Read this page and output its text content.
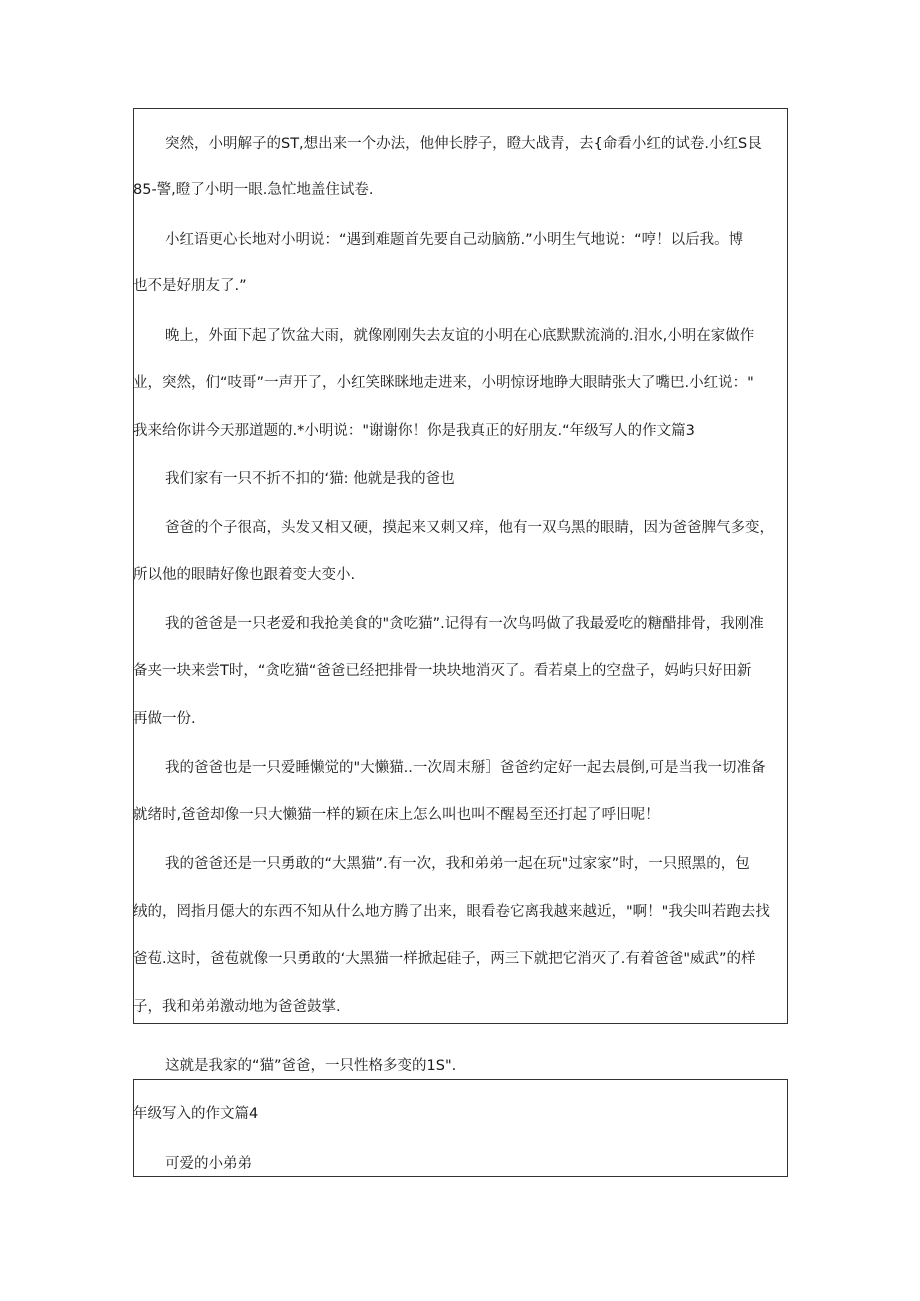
突然，小明解子的ST,想出来一个办法，他伸长脖子，瞪大战青，去{命看小红的试卷.小红S艮
85-警,瞪了小明一眼.急忙地盖住试卷.
小红语更心长地对小明说：“遇到难题首先要自己动脑筋.”小明生气地说：“哼！以后我。博
也不是好朋友了.”
晚上，外面下起了饮盆大雨，就像刚刚失去友谊的小明在心底默默流淌的.泪水,小明在家做作
业，突然，们“吱哥”一声开了，小红笑眯眯地走进来，小明惊讶地睁大眼睛张大了嘴巴.小红说："
我来给你讲今天那道题的.*小明说："谢谢你！你是我真正的好朋友.“年级写人的作文篇3
我们家有一只不折不扣的‘猫: 他就是我的爸也
爸爸的个子很高，头发又相又硬，摸起来又刺又痒，他有一双乌黑的眼睛，因为爸爸脾气多变，
所以他的眼睛好像也跟着变大变小.
我的爸爸是一只老爱和我抢美食的"贪吃猫”.记得有一次鸟吗做了我最爱吃的糖醋排骨，我刚准
备夹一块来尝T时，“贪吃猫“爸爸已经把排骨一块块地消灭了。看若桌上的空盘子，妈屿只好田新
再做一份.
我的爸爸也是一只爱睡懒觉的"大懒猫..一次周末掰］爸爸约定好一起去晨倒,可是当我一切准备
就绪时,爸爸却像一只大懒猫一样的颖在床上怎么叫也叫不醒曷至还打起了呼旧呢！
我的爸爸还是一只勇敢的“大黑猫”.有一次，我和弟弟一起在玩"过家家”时，一只照黑的，包
绒的，罔指月僫大的东西不知从什么地方腾了出来，眼看卷它离我越来越近，"啊！"我尖叫若跑去找
爸苞.这时，爸苞就像一只勇敢的‘大黑猫一样掀起硅子，两三下就把它消灭了.有着爸爸"威武”的样
子，我和弟弟激动地为爸爸鼓掌.
这就是我家的“猫”爸爸，一只性格多变的1S".
年级写入的作文篇4
可爱的小弟弟
